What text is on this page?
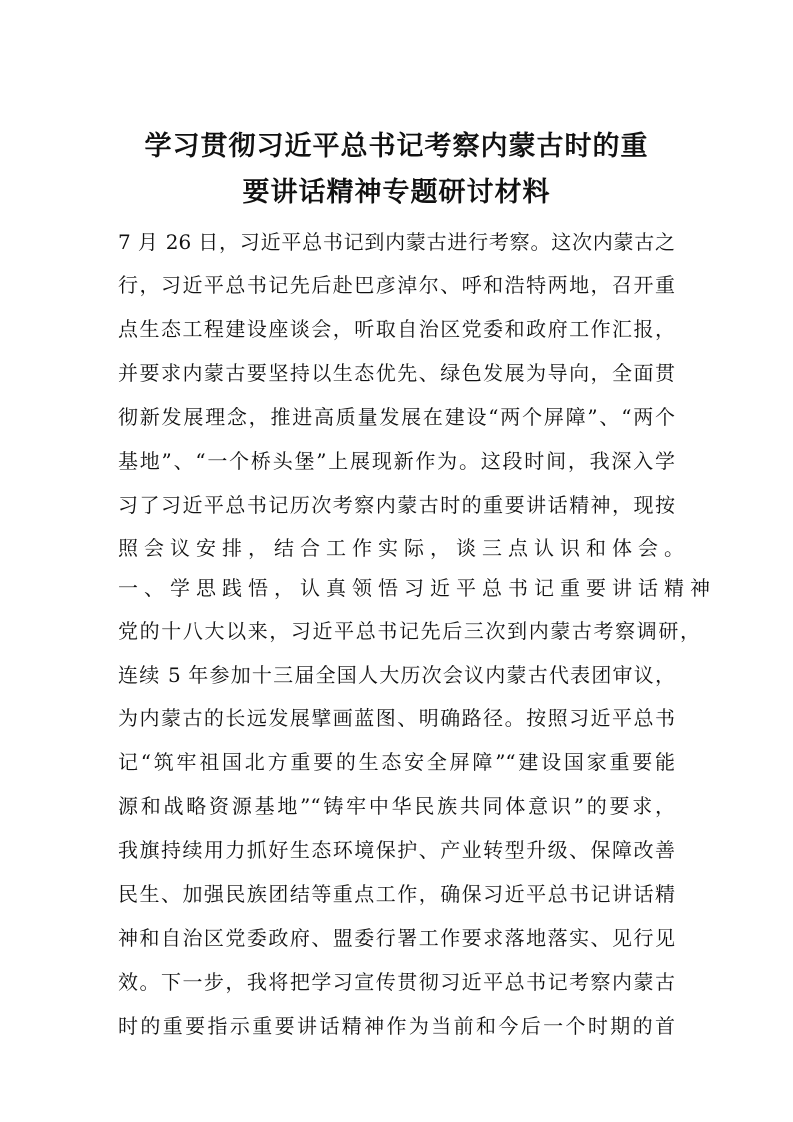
学习贯彻习近平总书记考察内蒙古时的重
要讲话精神专题研讨材料
7 月 26 日，习近平总书记到内蒙古进行考察。这次内蒙古之
行，习近平总书记先后赴巴彦淖尔、呼和浩特两地，召开重
点生态工程建设座谈会，听取自治区党委和政府工作汇报，
并要求内蒙古要坚持以生态优先、绿色发展为导向，全面贯
彻新发展理念，推进高质量发展在建设“两个屏障”、“两个
基地”、“一个桥头堡”上展现新作为。这段时间，我深入学
习了习近平总书记历次考察内蒙古时的重要讲话精神，现按
照会议安排，结合工作实际，谈三点认识和体会。
一、学思践悟，认真领悟习近平总书记重要讲话精神
党的十八大以来，习近平总书记先后三次到内蒙古考察调研，
连续 5 年参加十三届全国人大历次会议内蒙古代表团审议，
为内蒙古的长远发展擘画蓝图、明确路径。按照习近平总书
记“筑牢祖国北方重要的生态安全屏障”“建设国家重要能
源和战略资源基地”“铸牢中华民族共同体意识”的要求，
我旗持续用力抓好生态环境保护、产业转型升级、保障改善
民生、加强民族团结等重点工作，确保习近平总书记讲话精
神和自治区党委政府、盟委行署工作要求落地落实、见行见
效。下一步，我将把学习宣传贯彻习近平总书记考察内蒙古
时的重要指示重要讲话精神作为当前和今后一个时期的首
